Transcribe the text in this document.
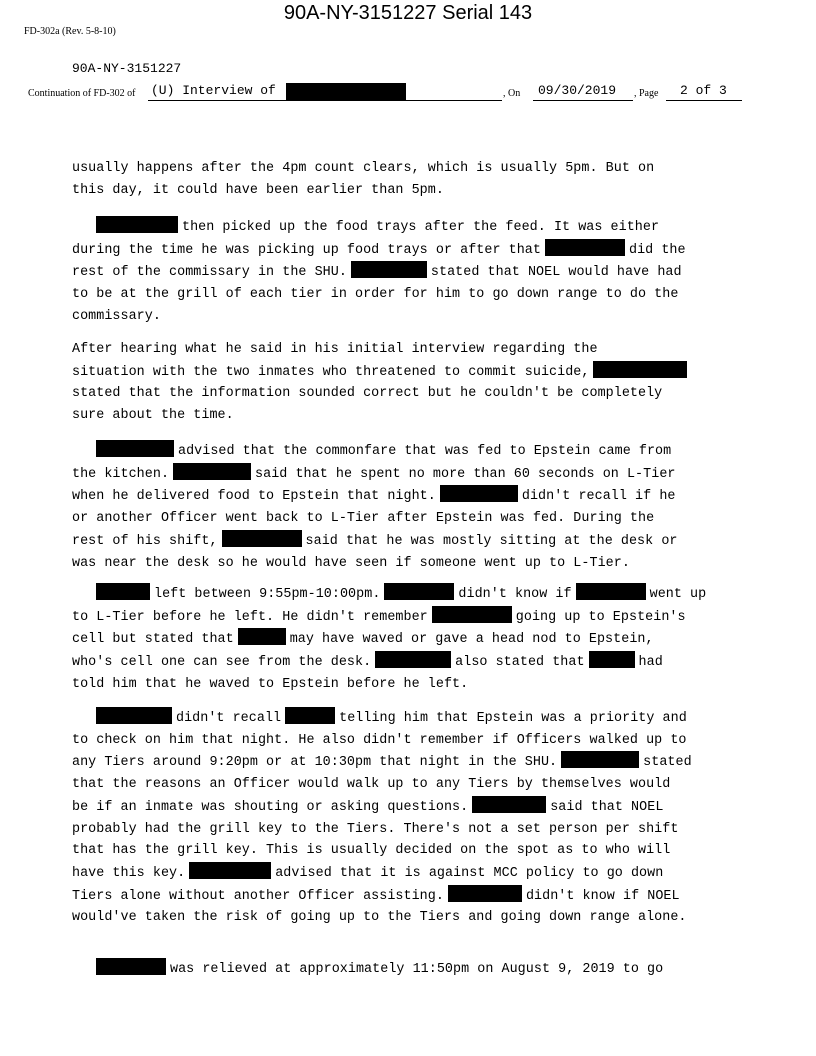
90A-NY-3151227 Serial 143
FD-302a (Rev. 5-8-10)
90A-NY-3151227
Continuation of FD-302 of (U) Interview of	, On 09/30/2019 , Page 2 of 3
usually happens after the 4pm count clears, which is usually 5pm. But on
this day, it could have been earlier than 5pm.
then picked up the food trays after the feed. It was either
during the time he was picking up food trays or after that	did the
rest of the commissary in the SHU.	stated that NOEL would have had
to be at the grill of each tier in order for him to go down range to do the
commissary.
After hearing what he said in his initial interview regarding the
situation with the two inmates who threatened to commit suicide,
stated that the information sounded correct but he couldn't be completely
sure about the time.
advised that the commonfare that was fed to Epstein came from
the kitchen.	said that he spent no more than 60 seconds on L-Tier
when he delivered food to Epstein that night.	didn't recall if he
or another Officer went back to L-Tier after Epstein was fed. During the
rest of his shift,	said that he was mostly sitting at the desk or
was near the desk so he would have seen if someone went up to L-Tier.
left between 9:55pm-10:00pm.	didn't know if	went up
to L-Tier before he left. He didn't remember	going up to Epstein's
cell but stated that	may have waved or gave a head nod to Epstein,
who's cell one can see from the desk.	also stated that	had
told him that he waved to Epstein before he left.
didn't recall	telling him that Epstein was a priority and
to check on him that night. He also didn't remember if Officers walked up to
any Tiers around 9:20pm or at 10:30pm that night in the SHU.	stated
that the reasons an Officer would walk up to any Tiers by themselves would
be if an inmate was shouting or asking questions.	said that NOEL
probably had the grill key to the Tiers. There's not a set person per shift
that has the grill key. This is usually decided on the spot as to who will
have this key.	advised that it is against MCC policy to go down
Tiers alone without another Officer assisting.	didn't know if NOEL
would've taken the risk of going up to the Tiers and going down range alone.
was relieved at approximately 11:50pm on August 9, 2019 to go
